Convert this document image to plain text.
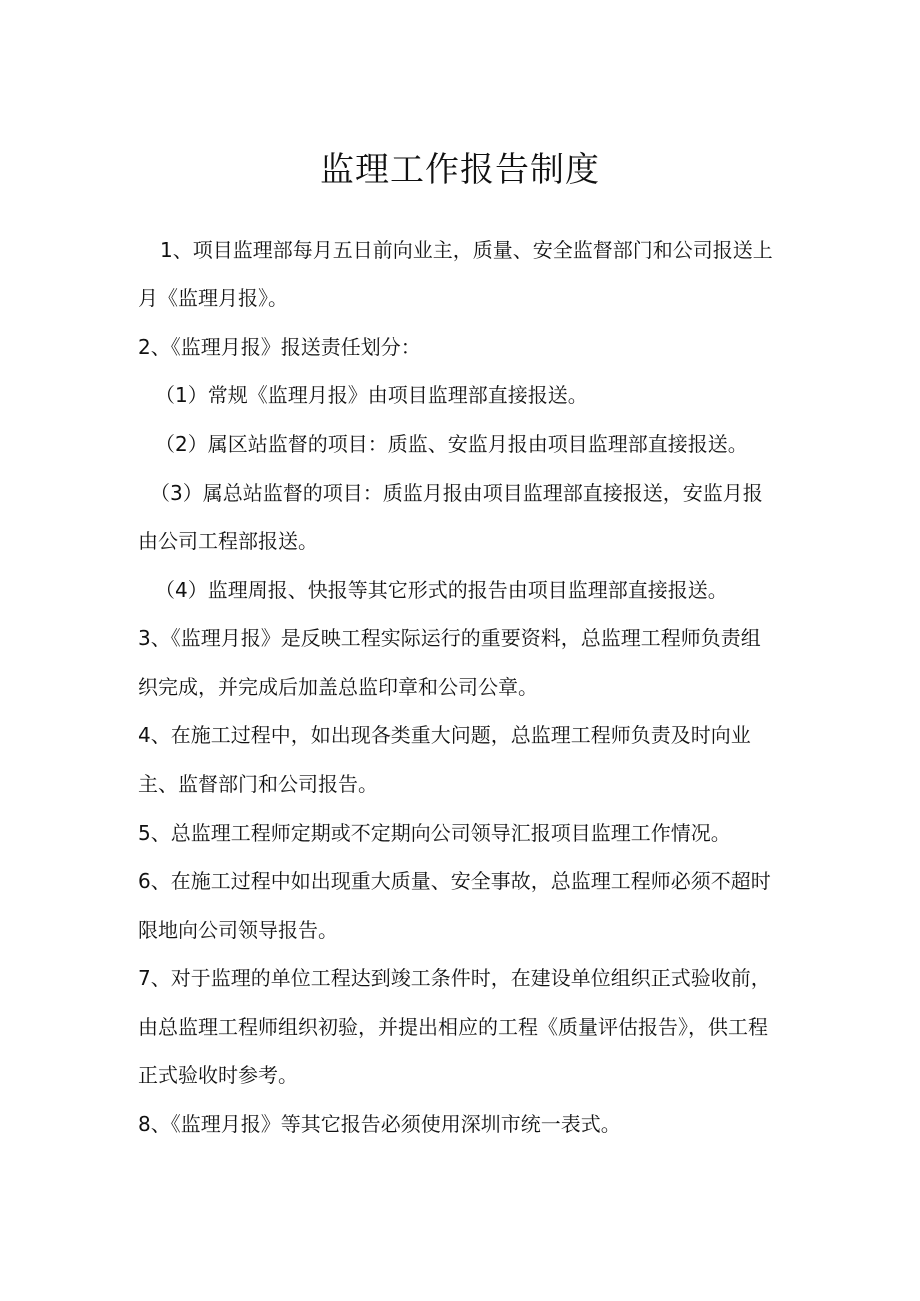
监理工作报告制度

1、项目监理部每月五日前向业主，质量、安全监督部门和公司报送上

月《监理月报》。

2、《监理月报》报送责任划分：

（1）常规《监理月报》由项目监理部直接报送。

（2）属区站监督的项目：质监、安监月报由项目监理部直接报送。

（3）属总站监督的项目：质监月报由项目监理部直接报送，安监月报

由公司工程部报送。

（4）监理周报、快报等其它形式的报告由项目监理部直接报送。

3、《监理月报》是反映工程实际运行的重要资料，总监理工程师负责组

织完成，并完成后加盖总监印章和公司公章。

4、在施工过程中，如出现各类重大问题，总监理工程师负责及时向业

主、监督部门和公司报告。

5、总监理工程师定期或不定期向公司领导汇报项目监理工作情况。

6、在施工过程中如出现重大质量、安全事故，总监理工程师必须不超时

限地向公司领导报告。

7、对于监理的单位工程达到竣工条件时，在建设单位组织正式验收前，

由总监理工程师组织初验，并提出相应的工程《质量评估报告》，供工程

正式验收时参考。

8、《监理月报》等其它报告必须使用深圳市统一表式。
